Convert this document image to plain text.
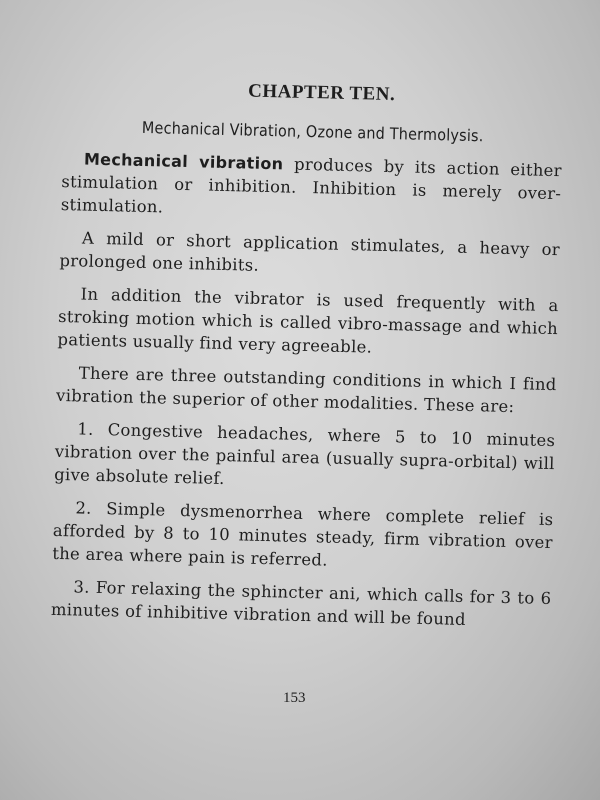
CHAPTER TEN.
Mechanical Vibration, Ozone and Thermolysis.

Mechanical vibration produces by its action either stimulation or inhibition. Inhibition is merely over-stimulation.

A mild or short application stimulates, a heavy or prolonged one inhibits.

In addition the vibrator is used frequently with a stroking motion which is called vibro-massage and which patients usually find very agreeable.

There are three outstanding conditions in which I find vibration the superior of other modalities. These are:

1. Congestive headaches, where 5 to 10 minutes vibration over the painful area (usually supra-orbital) will give absolute relief.

2. Simple dysmenorrhea where complete relief is afforded by 8 to 10 minutes steady, firm vibration over the area where pain is referred.

3. For relaxing the sphincter ani, which calls for 3 to 6 minutes of inhibitive vibration and will be found

153
